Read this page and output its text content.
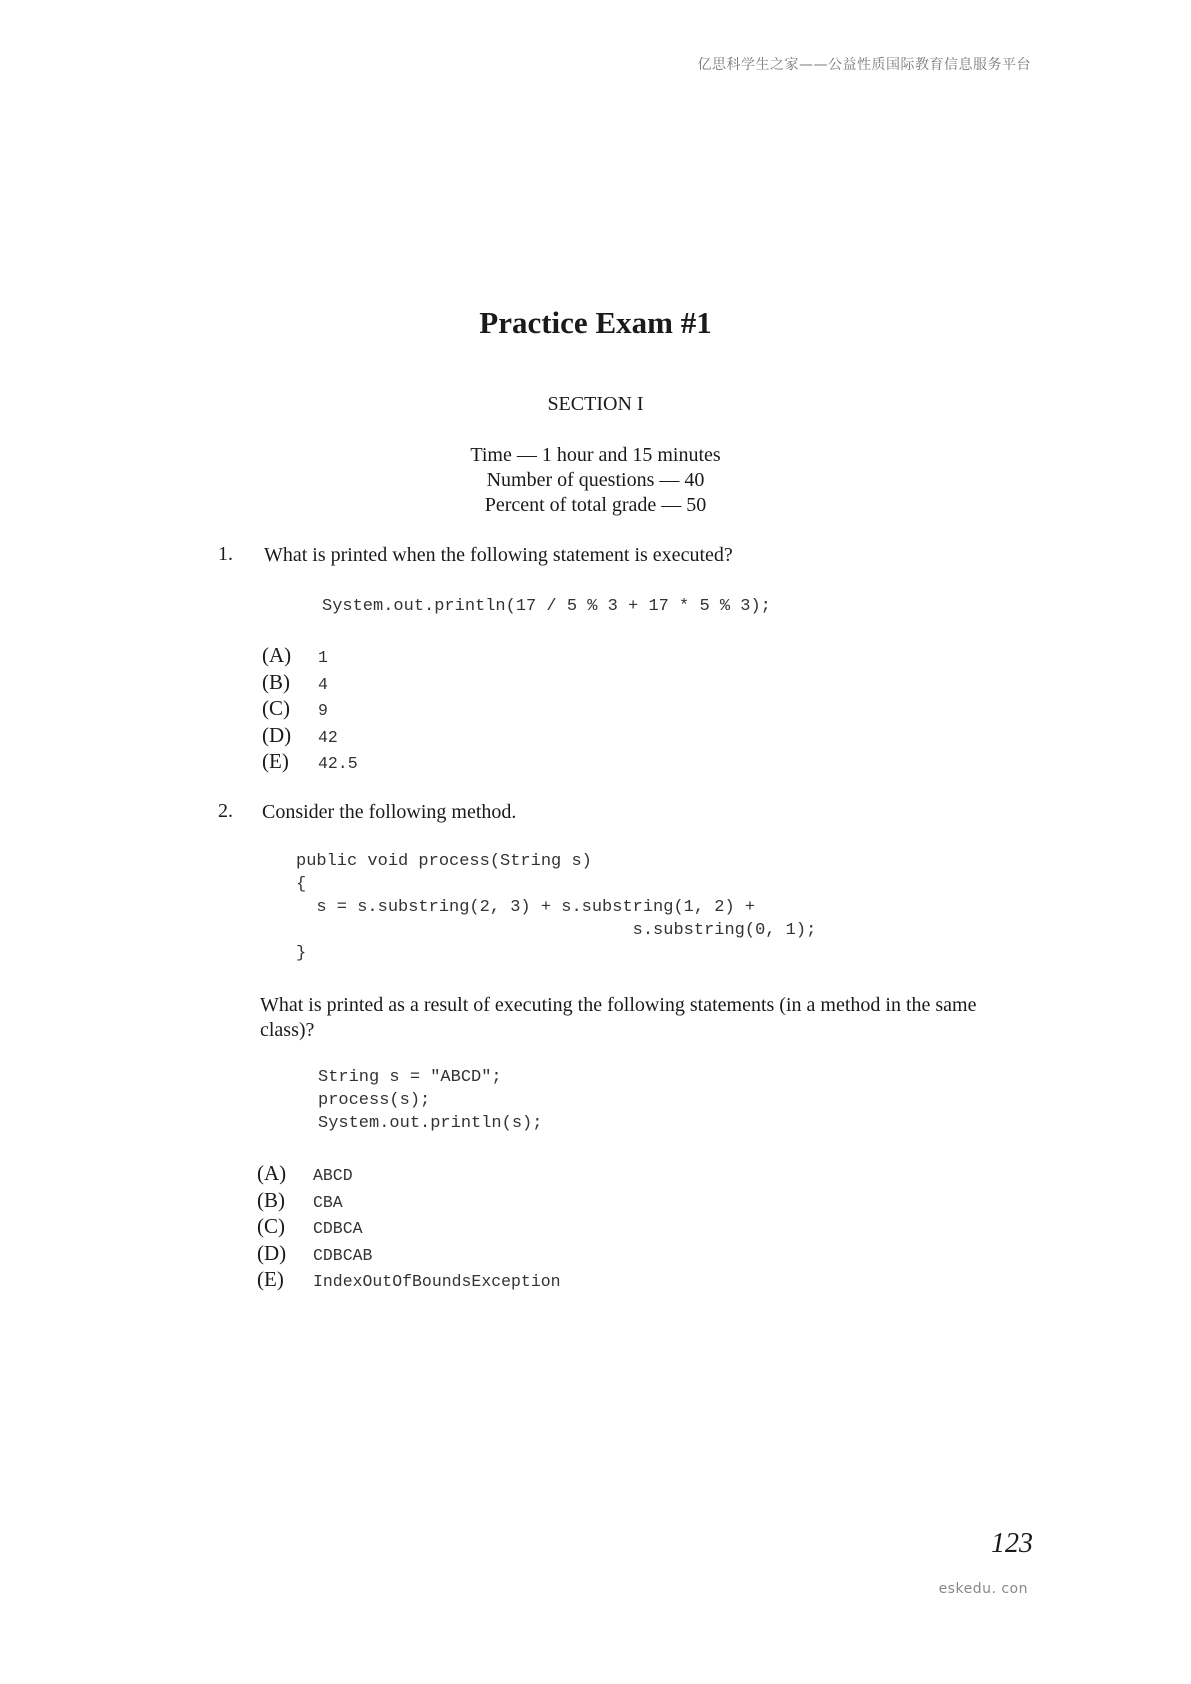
亿思科学生之家——公益性质国际教育信息服务平台
Practice Exam #1
SECTION I
Time — 1 hour and 15 minutes
Number of questions — 40
Percent of total grade — 50
1. What is printed when the following statement is executed?
System.out.println(17 / 5 % 3 + 17 * 5 % 3);
(A)	1
(B)	4
(C)	9
(D)	42
(E)	42.5
2. Consider the following method.
public void process(String s)
{
s = s.substring(2, 3) + s.substring(1, 2) +
s.substring(0, 1);
}
What is printed as a result of executing the following statements (in a method in the same class)?
String s = "ABCD";
process(s);
System.out.println(s);
(A)	ABCD
(B)	CBA
(C)	CDBCA
(D)	CDBCAB
(E)	IndexOutOfBoundsException
123
eskedu. con
